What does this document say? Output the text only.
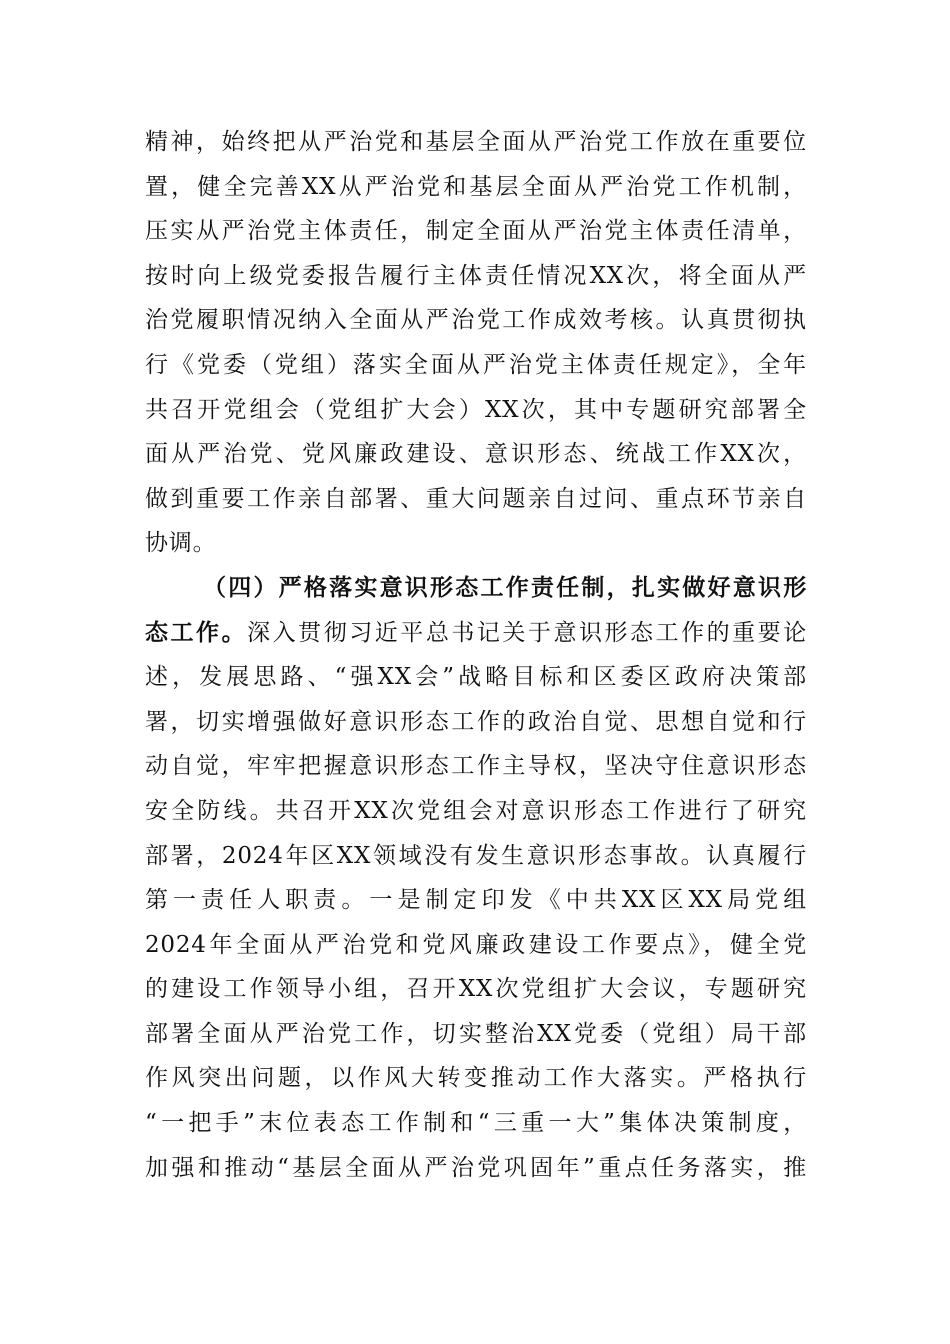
精神，始终把从严治党和基层全面从严治党工作放在重要位
置，健全完善XX从严治党和基层全面从严治党工作机制，
压实从严治党主体责任，制定全面从严治党主体责任清单，
按时向上级党委报告履行主体责任情况XX次，将全面从严
治党履职情况纳入全面从严治党工作成效考核。认真贯彻执
行《党委（党组）落实全面从严治党主体责任规定》，全年
共召开党组会（党组扩大会）XX次，其中专题研究部署全
面从严治党、党风廉政建设、意识形态、统战工作XX次，
做到重要工作亲自部署、重大问题亲自过问、重点环节亲自
协调。
（四）严格落实意识形态工作责任制，扎实做好意识形
态工作。深入贯彻习近平总书记关于意识形态工作的重要论
述，发展思路、“强XX会”战略目标和区委区政府决策部
署，切实增强做好意识形态工作的政治自觉、思想自觉和行
动自觉，牢牢把握意识形态工作主导权，坚决守住意识形态
安全防线。共召开XX次党组会对意识形态工作进行了研究
部署，2024年区XX领域没有发生意识形态事故。认真履行
第一责任人职责。一是制定印发《中共XX区XX局党组
2024年全面从严治党和党风廉政建设工作要点》，健全党
的建设工作领导小组，召开XX次党组扩大会议，专题研究
部署全面从严治党工作，切实整治XX党委（党组）局干部
作风突出问题，以作风大转变推动工作大落实。严格执行
“一把手”末位表态工作制和“三重一大”集体决策制度，
加强和推动“基层全面从严治党巩固年”重点任务落实，推
